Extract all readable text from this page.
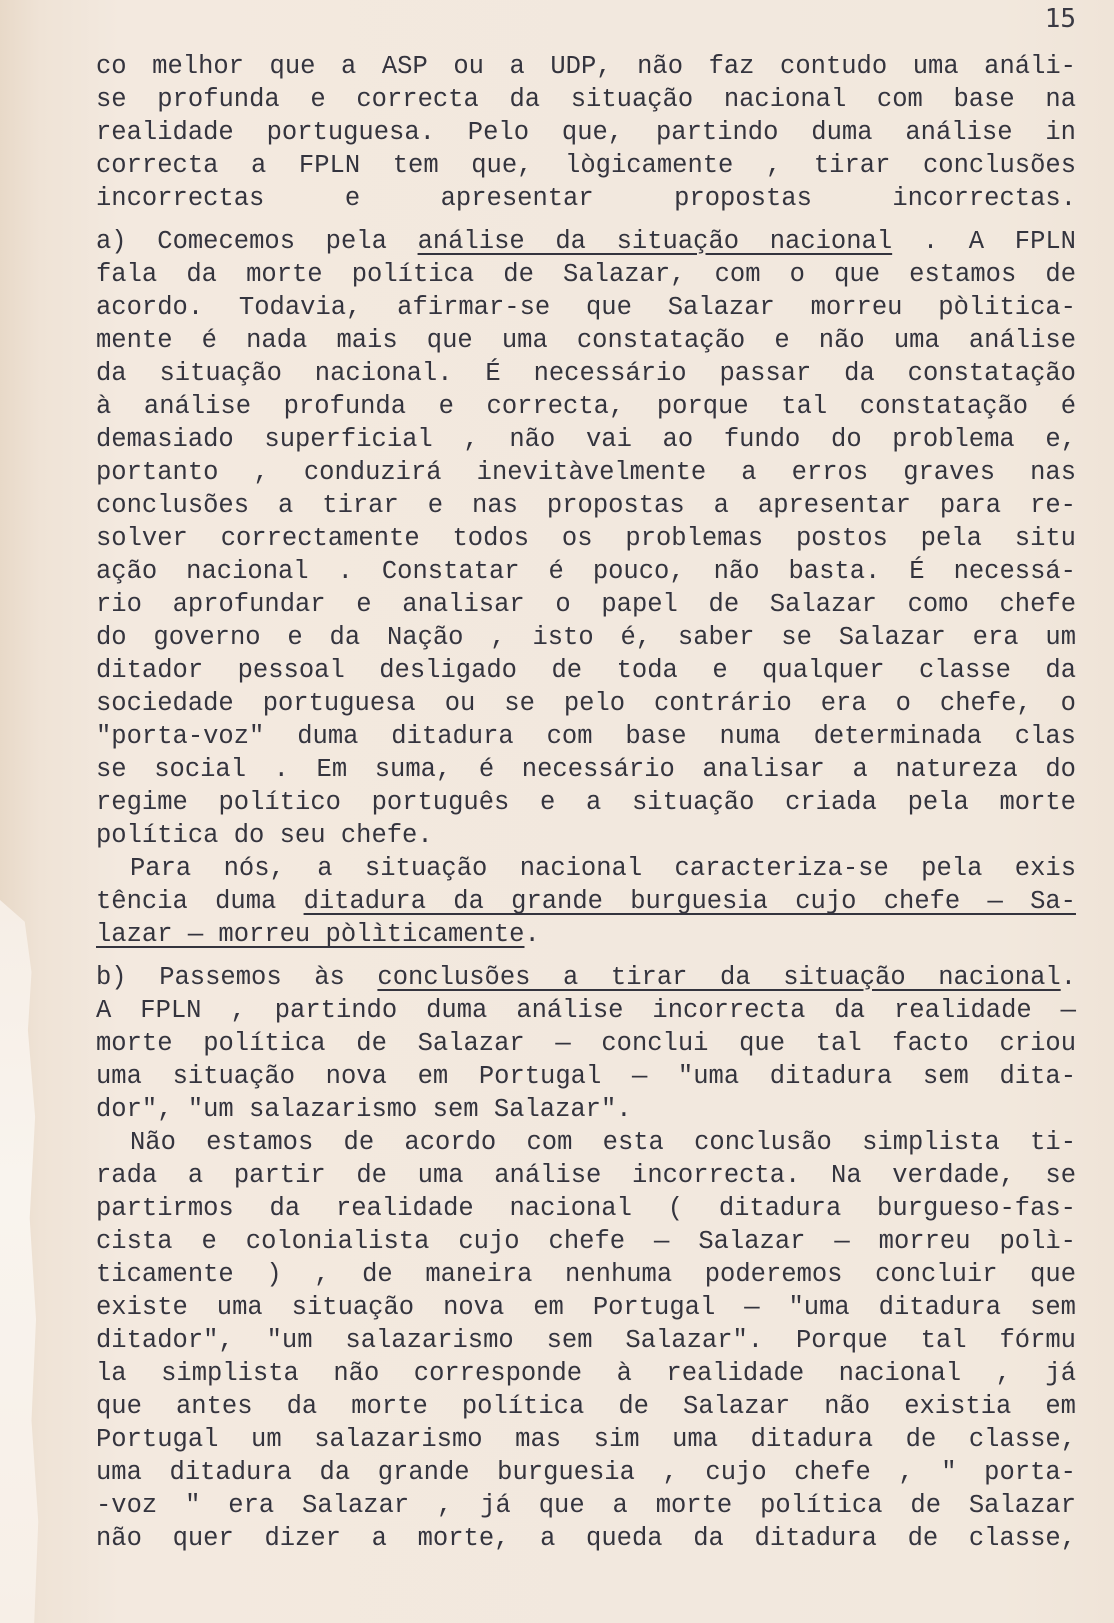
15
co melhor que a ASP ou a UDP, não faz contudo uma análi-
se profunda e correcta da situação nacional com base na
realidade portuguesa. Pelo que, partindo duma análise in
correcta a FPLN tem que, lògicamente , tirar conclusões
incorrectas e apresentar propostas incorrectas.
a) Comecemos pela análise da situação nacional . A FPLN
fala da morte política de Salazar, com o que estamos de
acordo. Todavia, afirmar-se que Salazar morreu pòlitica-
mente é nada mais que uma constatação e não uma análise
da situação nacional. É necessário passar da constatação
à análise profunda e correcta, porque tal constatação é
demasiado superficial , não vai ao fundo do problema e,
portanto , conduzirá inevitàvelmente a erros graves nas
conclusões a tirar e nas propostas a apresentar para re-
solver correctamente todos os problemas postos pela situ
ação nacional . Constatar é pouco, não basta. É necessá-
rio aprofundar e analisar o papel de Salazar como chefe
do governo e da Nação , isto é, saber se Salazar era um
ditador pessoal desligado de toda e qualquer classe da
sociedade portuguesa ou se pelo contrário era o chefe, o
"porta-voz" duma ditadura com base numa determinada clas
se social . Em suma, é necessário analisar a natureza do
regime político português e a situação criada pela morte
política do seu chefe.
Para nós, a situação nacional caracteriza-se pela exis
tência duma ditadura da grande burguesia cujo chefe — Sa-
lazar — morreu pòlìticamente.
b) Passemos às conclusões a tirar da situação nacional.
A FPLN , partindo duma análise incorrecta da realidade —
morte política de Salazar — conclui que tal facto criou
uma situação nova em Portugal — "uma ditadura sem dita-
dor", "um salazarismo sem Salazar".
Não estamos de acordo com esta conclusão simplista ti-
rada a partir de uma análise incorrecta. Na verdade, se
partirmos da realidade nacional ( ditadura burgueso-fas-
cista e colonialista cujo chefe — Salazar — morreu polì-
ticamente ) , de maneira nenhuma poderemos concluir que
existe uma situação nova em Portugal — "uma ditadura sem
ditador", "um salazarismo sem Salazar". Porque tal fórmu
la simplista não corresponde à realidade nacional , já
que antes da morte política de Salazar não existia em
Portugal um salazarismo mas sim uma ditadura de classe,
uma ditadura da grande burguesia , cujo chefe , " porta-
-voz " era Salazar , já que a morte política de Salazar
não quer dizer a morte, a queda da ditadura de classe,
